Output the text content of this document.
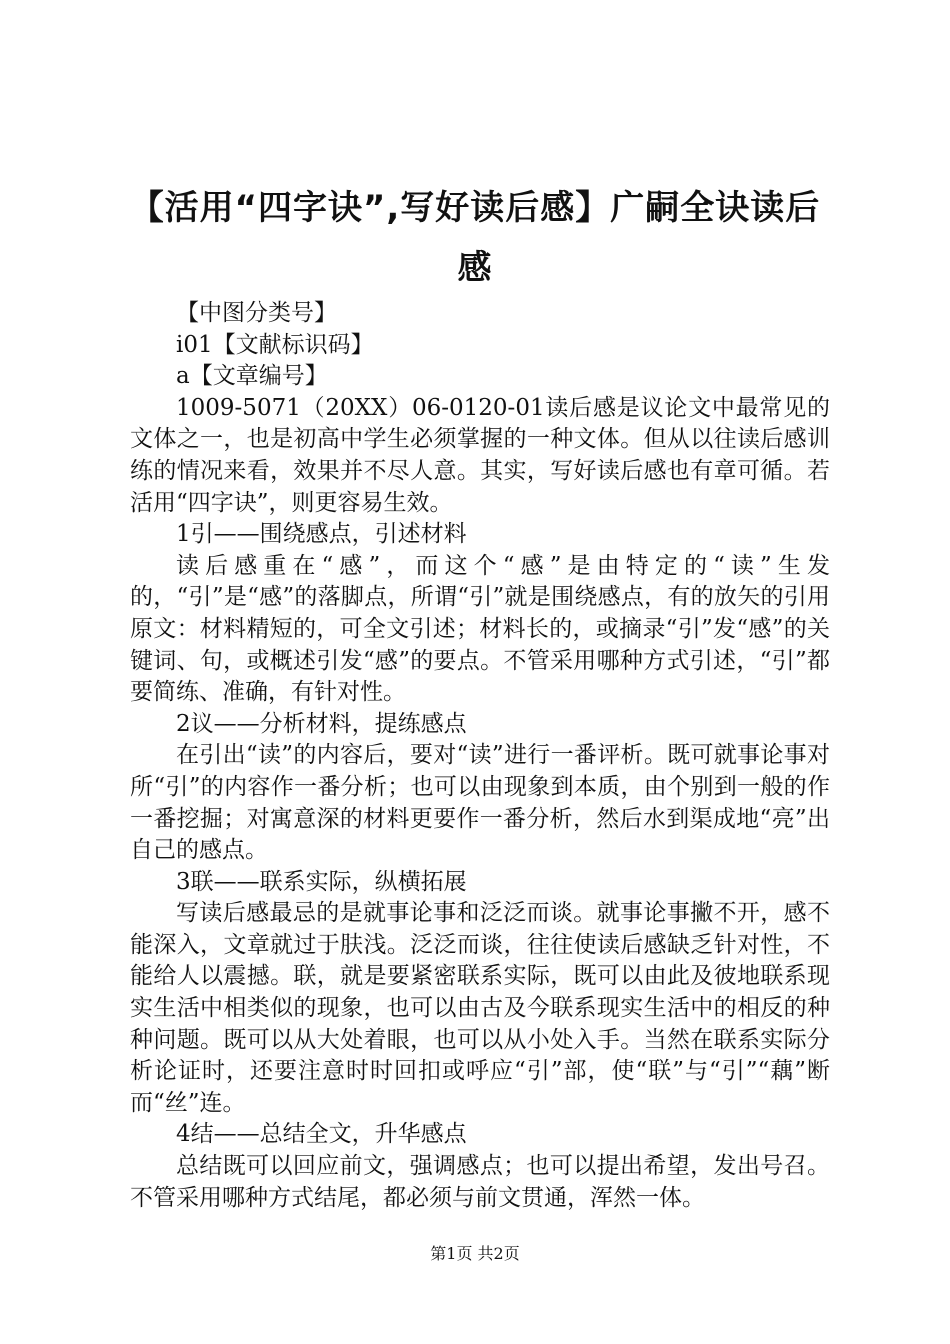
【活用“四字诀”,写好读后感】广嗣全诀读后感

【中图分类号】

i01【文献标识码】

a【文章编号】

1009-5071（20XX）06-0120-01读后感是议论文中最常见的文体之一，也是初高中学生必须掌握的一种文体。但从以往读后感训练的情况来看，效果并不尽人意。其实，写好读后感也有章可循。若活用“四字诀”，则更容易生效。

1引——围绕感点，引述材料

读后感重在“感”，而这个“感”是由特定的“读”生发的，“引”是“感”的落脚点，所谓“引”就是围绕感点，有的放矢的引用原文：材料精短的，可全文引述；材料长的，或摘录“引”发“感”的关键词、句，或概述引发“感”的要点。不管采用哪种方式引述，“引”都要简练、准确，有针对性。

2议——分析材料，提练感点

在引出“读”的内容后，要对“读”进行一番评析。既可就事论事对所“引”的内容作一番分析；也可以由现象到本质，由个别到一般的作一番挖掘；对寓意深的材料更要作一番分析，然后水到渠成地“亮”出自己的感点。

3联——联系实际，纵横拓展

写读后感最忌的是就事论事和泛泛而谈。就事论事撇不开，感不能深入，文章就过于肤浅。泛泛而谈，往往使读后感缺乏针对性，不能给人以震撼。联，就是要紧密联系实际，既可以由此及彼地联系现实生活中相类似的现象，也可以由古及今联系现实生活中的相反的种种问题。既可以从大处着眼，也可以从小处入手。当然在联系实际分析论证时，还要注意时时回扣或呼应“引”部，使“联”与“引”“藕”断而“丝”连。

4结——总结全文，升华感点

总结既可以回应前文，强调感点；也可以提出希望，发出号召。不管采用哪种方式结尾，都必须与前文贯通，浑然一体。

第1页 共2页
